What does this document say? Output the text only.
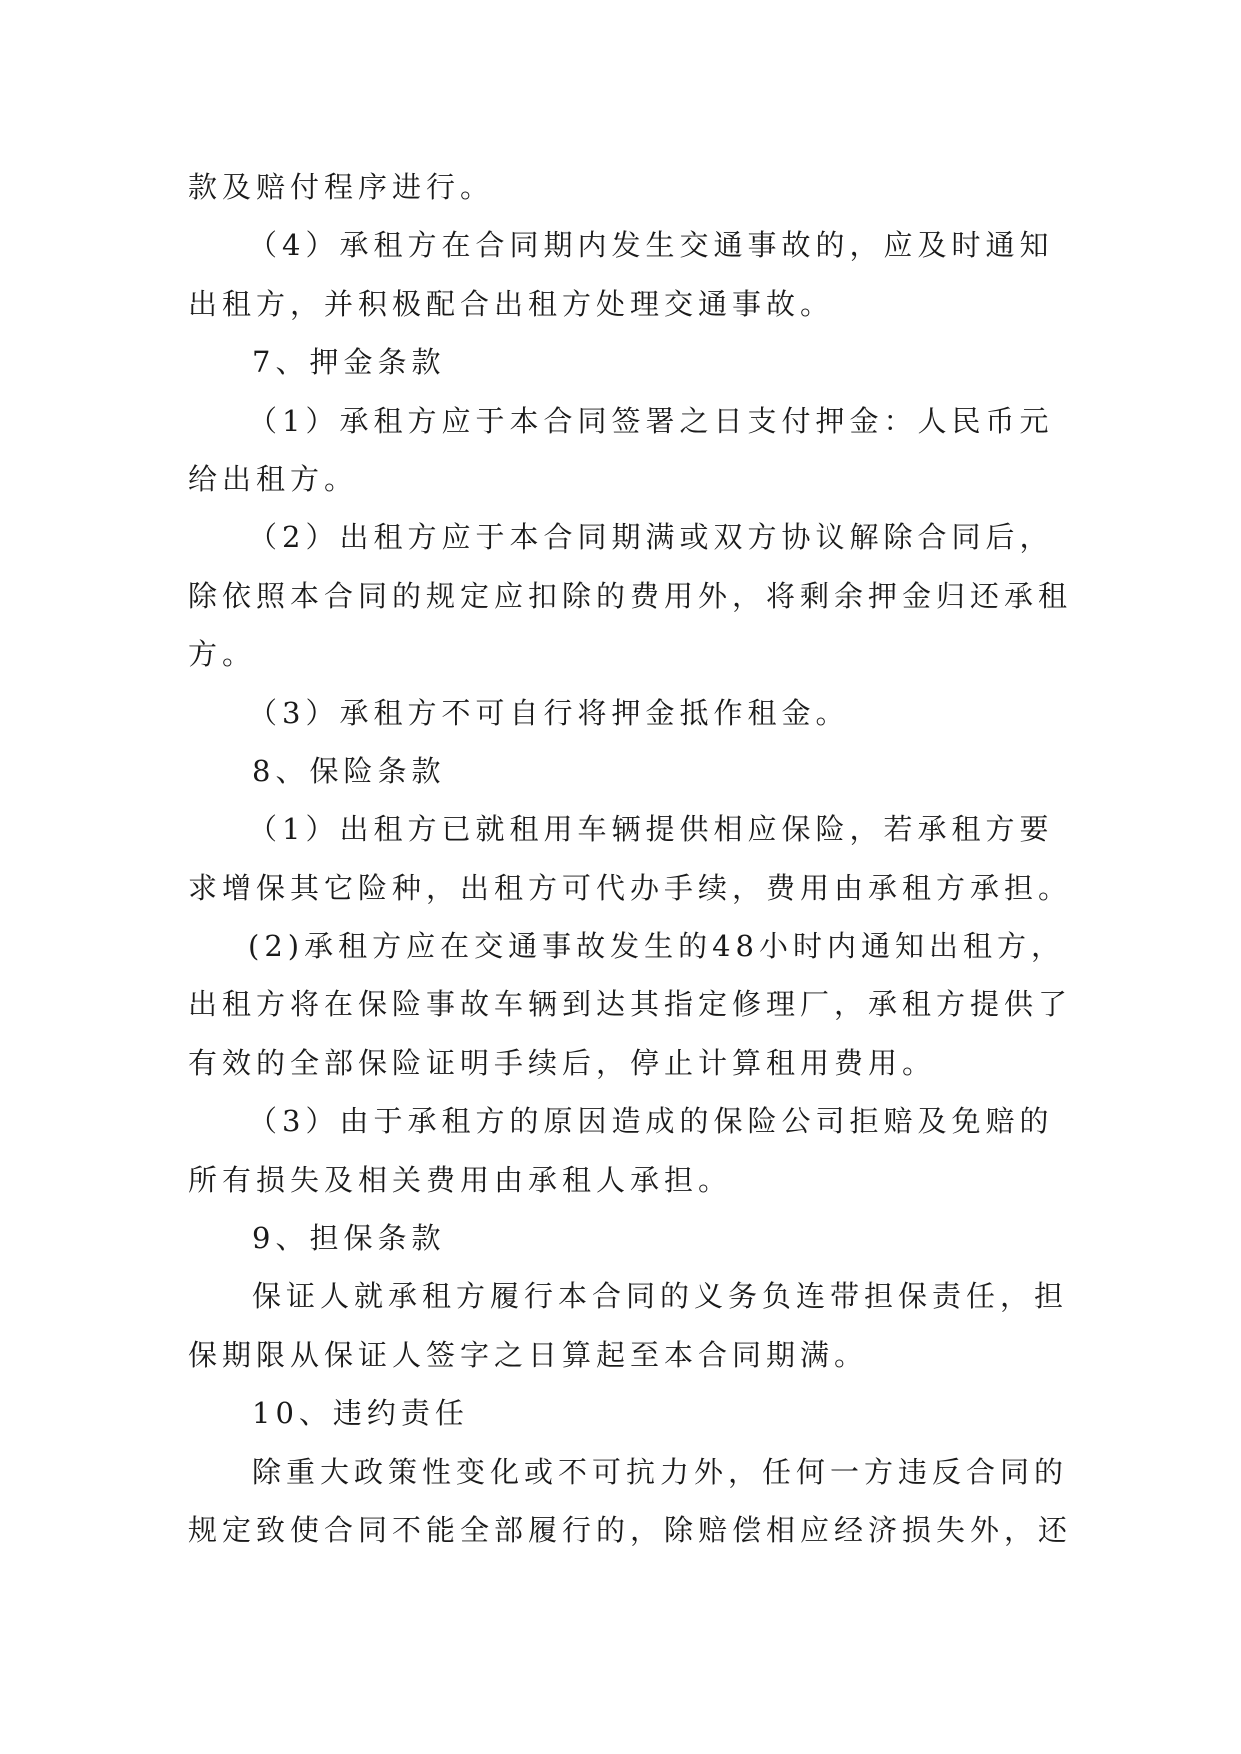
款及赔付程序进行。
（4）承租方在合同期内发生交通事故的，应及时通知
出租方，并积极配合出租方处理交通事故。
7、押金条款
（1）承租方应于本合同签署之日支付押金：人民币元
给出租方。
（2）出租方应于本合同期满或双方协议解除合同后，
除依照本合同的规定应扣除的费用外，将剩余押金归还承租
方。
（3）承租方不可自行将押金抵作租金。
8、保险条款
（1）出租方已就租用车辆提供相应保险，若承租方要
求增保其它险种，出租方可代办手续，费用由承租方承担。
(2)承租方应在交通事故发生的48小时内通知出租方，
出租方将在保险事故车辆到达其指定修理厂，承租方提供了
有效的全部保险证明手续后，停止计算租用费用。
（3）由于承租方的原因造成的保险公司拒赔及免赔的
所有损失及相关费用由承租人承担。
9、担保条款
保证人就承租方履行本合同的义务负连带担保责任，担
保期限从保证人签字之日算起至本合同期满。
10、违约责任
除重大政策性变化或不可抗力外，任何一方违反合同的
规定致使合同不能全部履行的，除赔偿相应经济损失外，还
